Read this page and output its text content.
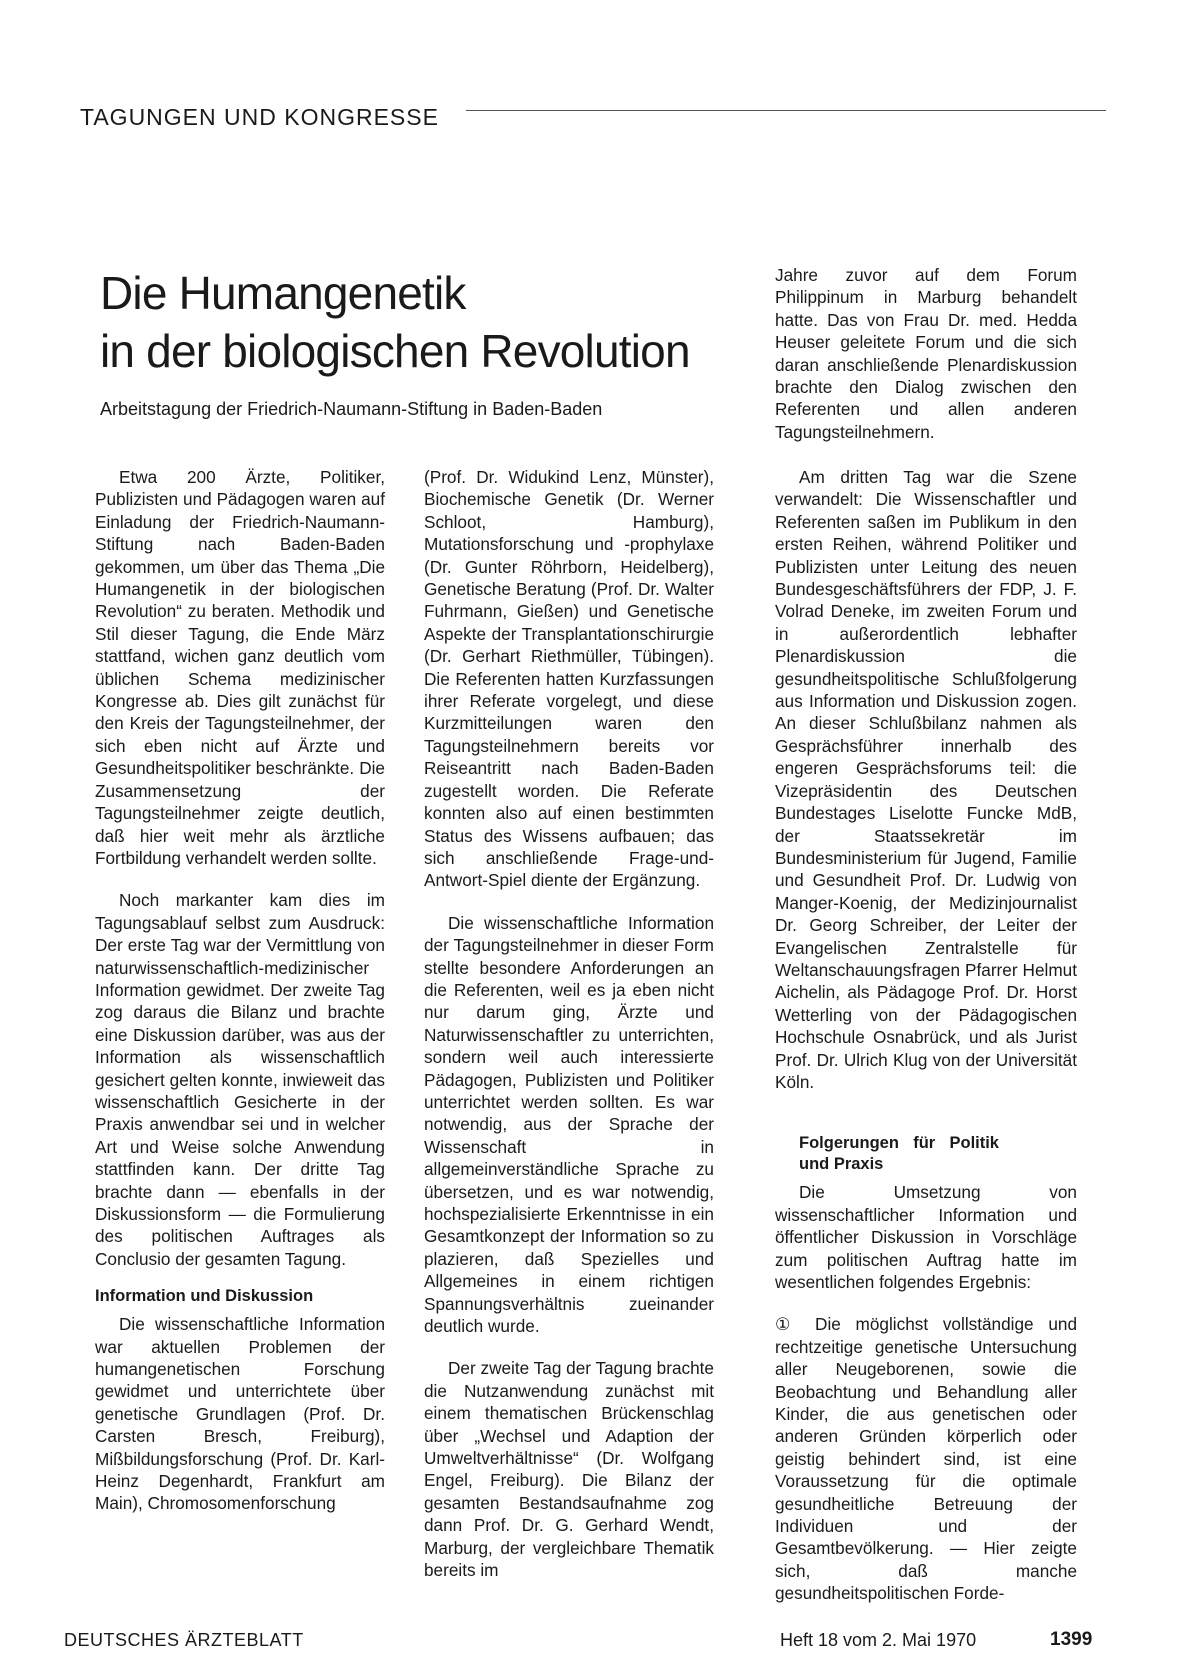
TAGUNGEN UND KONGRESSE
Die Humangenetik
in der biologischen Revolution
Arbeitstagung der Friedrich-Naumann-Stiftung in Baden-Baden

Etwa 200 Ärzte, Politiker, Publizisten und Pädagogen waren auf Einladung der Friedrich-Naumann-Stiftung nach Baden-Baden gekommen, um über das Thema „Die Humangenetik in der biologischen Revolution“ zu beraten. Methodik und Stil dieser Tagung, die Ende März stattfand, wichen ganz deutlich vom üblichen Schema medizinischer Kongresse ab. Dies gilt zunächst für den Kreis der Tagungsteilnehmer, der sich eben nicht auf Ärzte und Gesundheitspolitiker beschränkte. Die Zusammensetzung der Tagungsteilnehmer zeigte deutlich, daß hier weit mehr als ärztliche Fortbildung verhandelt werden sollte.

Noch markanter kam dies im Tagungsablauf selbst zum Ausdruck: Der erste Tag war der Vermittlung von naturwissenschaftlich-medizinischer Information gewidmet. Der zweite Tag zog daraus die Bilanz und brachte eine Diskussion darüber, was aus der Information als wissenschaftlich gesichert gelten konnte, inwieweit das wissenschaftlich Gesicherte in der Praxis anwendbar sei und in welcher Art und Weise solche Anwendung stattfinden kann. Der dritte Tag brachte dann — ebenfalls in der Diskussionsform — die Formulierung des politischen Auftrages als Conclusio der gesamten Tagung.

Information und Diskussion

Die wissenschaftliche Information war aktuellen Problemen der humangenetischen Forschung gewidmet und unterrichtete über genetische Grundlagen (Prof. Dr. Carsten Bresch, Freiburg), Mißbildungsforschung (Prof. Dr. Karl-Heinz Degenhardt, Frankfurt am Main), Chromosomenforschung

(Prof. Dr. Widukind Lenz, Münster), Biochemische Genetik (Dr. Werner Schloot, Hamburg), Mutationsforschung und -prophylaxe (Dr. Gunter Röhrborn, Heidelberg), Genetische Beratung (Prof. Dr. Walter Fuhrmann, Gießen) und Genetische Aspekte der Transplantationschirurgie (Dr. Gerhart Riethmüller, Tübingen). Die Referenten hatten Kurzfassungen ihrer Referate vorgelegt, und diese Kurzmitteilungen waren den Tagungsteilnehmern bereits vor Reiseantritt nach Baden-Baden zugestellt worden. Die Referate konnten also auf einen bestimmten Status des Wissens aufbauen; das sich anschließende Frage-und-Antwort-Spiel diente der Ergänzung.

Die wissenschaftliche Information der Tagungsteilnehmer in dieser Form stellte besondere Anforderungen an die Referenten, weil es ja eben nicht nur darum ging, Ärzte und Naturwissenschaftler zu unterrichten, sondern weil auch interessierte Pädagogen, Publizisten und Politiker unterrichtet werden sollten. Es war notwendig, aus der Sprache der Wissenschaft in allgemeinverständliche Sprache zu übersetzen, und es war notwendig, hochspezialisierte Erkenntnisse in ein Gesamtkonzept der Information so zu plazieren, daß Spezielles und Allgemeines in einem richtigen Spannungsverhältnis zueinander deutlich wurde.

Der zweite Tag der Tagung brachte die Nutzanwendung zunächst mit einem thematischen Brückenschlag über „Wechsel und Adaption der Umweltverhältnisse“ (Dr. Wolfgang Engel, Freiburg). Die Bilanz der gesamten Bestandsaufnahme zog dann Prof. Dr. G. Gerhard Wendt, Marburg, der vergleichbare Thematik bereits im

Jahre zuvor auf dem Forum Philippinum in Marburg behandelt hatte. Das von Frau Dr. med. Hedda Heuser geleitete Forum und die sich daran anschließende Plenardiskussion brachte den Dialog zwischen den Referenten und allen anderen Tagungsteilnehmern.

Am dritten Tag war die Szene verwandelt: Die Wissenschaftler und Referenten saßen im Publikum in den ersten Reihen, während Politiker und Publizisten unter Leitung des neuen Bundesgeschäftsführers der FDP, J. F. Volrad Deneke, im zweiten Forum und in außerordentlich lebhafter Plenardiskussion die gesundheitspolitische Schlußfolgerung aus Information und Diskussion zogen. An dieser Schlußbilanz nahmen als Gesprächsführer innerhalb des engeren Gesprächsforums teil: die Vizepräsidentin des Deutschen Bundestages Liselotte Funcke MdB, der Staatssekretär im Bundesministerium für Jugend, Familie und Gesundheit Prof. Dr. Ludwig von Manger-Koenig, der Medizinjournalist Dr. Georg Schreiber, der Leiter der Evangelischen Zentralstelle für Weltanschauungsfragen Pfarrer Helmut Aichelin, als Pädagoge Prof. Dr. Horst Wetterling von der Pädagogischen Hochschule Osnabrück, und als Jurist Prof. Dr. Ulrich Klug von der Universität Köln.

Folgerungen für Politik und Praxis

Die Umsetzung von wissenschaftlicher Information und öffentlicher Diskussion in Vorschläge zum politischen Auftrag hatte im wesentlichen folgendes Ergebnis:

① Die möglichst vollständige und rechtzeitige genetische Untersuchung aller Neugeborenen, sowie die Beobachtung und Behandlung aller Kinder, die aus genetischen oder anderen Gründen körperlich oder geistig behindert sind, ist eine Voraussetzung für die optimale gesundheitliche Betreuung der Individuen und der Gesamtbevölkerung. — Hier zeigte sich, daß manche gesundheitspolitischen Forde-

DEUTSCHES ÄRZTEBLATT	Heft 18 vom 2. Mai 1970	1399
